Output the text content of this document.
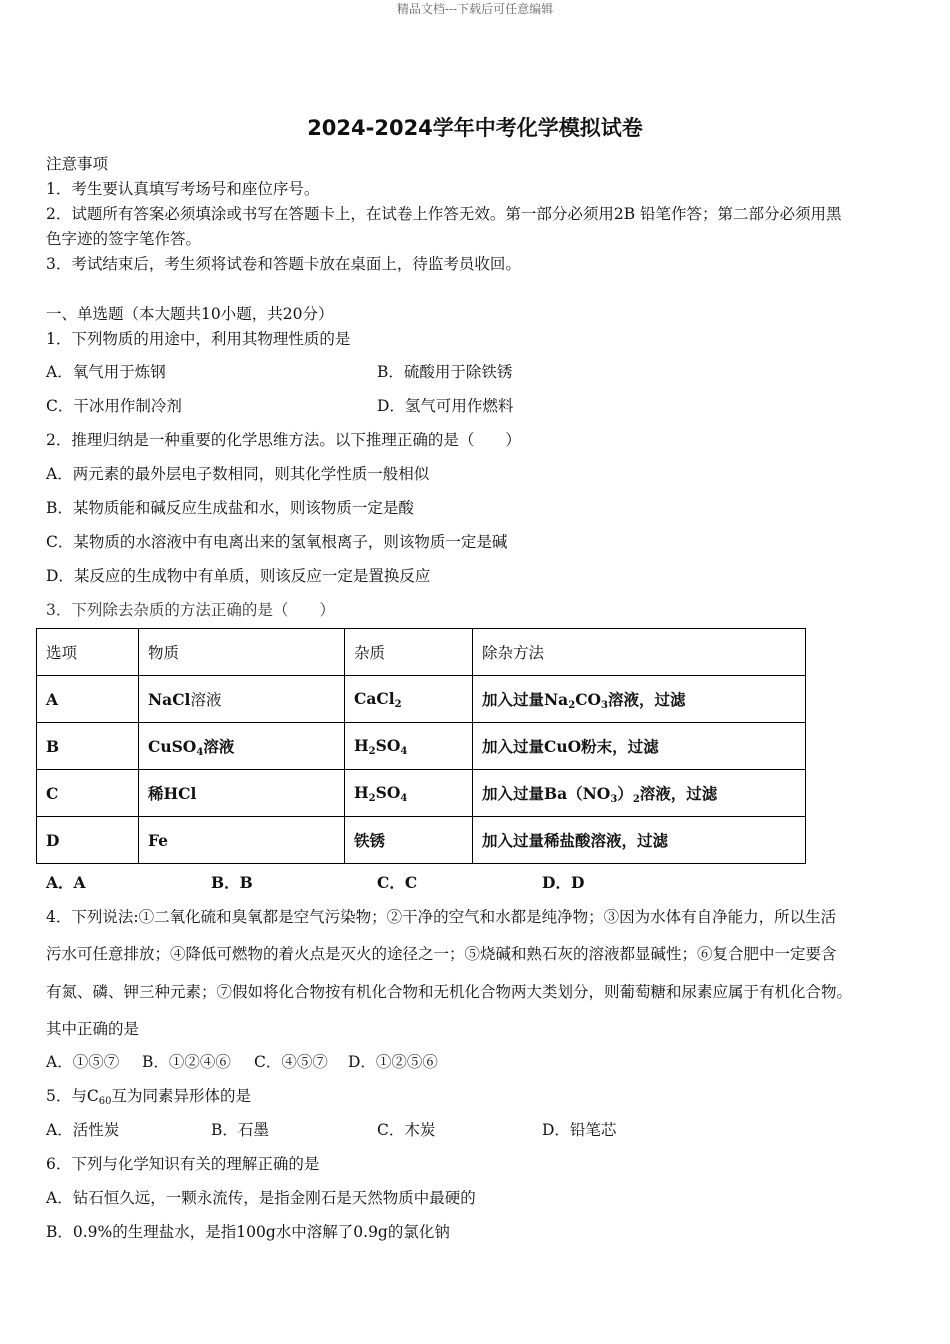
精品文档---下载后可任意编辑
2024-2024学年中考化学模拟试卷
注意事项
1．考生要认真填写考场号和座位序号。
2．试题所有答案必须填涂或书写在答题卡上，在试卷上作答无效。第一部分必须用2B 铅笔作答；第二部分必须用黑
色字迹的签字笔作答。
3．考试结束后，考生须将试卷和答题卡放在桌面上，待监考员收回。
一、单选题（本大题共10小题，共20分）
1．下列物质的用途中，利用其物理性质的是
A．氧气用于炼钢	B．硫酸用于除铁锈
C．干冰用作制冷剂	D．氢气可用作燃料
2．推理归纳是一种重要的化学思维方法。以下推理正确的是（　　）
A．两元素的最外层电子数相同，则其化学性质一般相似
B．某物质能和碱反应生成盐和水，则该物质一定是酸
C．某物质的水溶液中有电离出来的氢氧根离子，则该物质一定是碱
D．某反应的生成物中有单质，则该反应一定是置换反应
3．下列除去杂质的方法正确的是（　　）
选项	物质	杂质	除杂方法
A	NaCl溶液	CaCl$_2$	加入过量$Na_2CO_3$溶液，过滤
B	CuSO$_4$溶液	$H_2SO_4$	加入过量CuO粉末，过滤
C	稀HCl	$H_2SO_4$	加入过量$Ba(NO_3)_2$溶液，过滤
D	Fe	铁锈	加入过量稀盐酸溶液，过滤
A．A	B．B	C．C	D．D
4．下列说法:①二氧化硫和臭氧都是空气污染物；②干净的空气和水都是纯净物；③因为水体有自净能力，所以生活
污水可任意排放；④降低可燃物的着火点是灭火的途径之一；⑤烧碱和熟石灰的溶液都显碱性；⑥复合肥中一定要含
有氮、磷、钾三种元素；⑦假如将化合物按有机化合物和无机化合物两大类划分，则葡萄糖和尿素应属于有机化合物。
其中正确的是
A．①⑤⑦ B．①②④⑥ C．④⑤⑦ D．①②⑤⑥
5．与$C_{60}$互为同素异形体的是
A．活性炭	B．石墨	C．木炭	D．铅笔芯
6．下列与化学知识有关的理解正确的是
A．钻石恒久远，一颗永流传，是指金刚石是天然物质中最硬的
B．0.9%的生理盐水，是指100g水中溶解了0.9g的氯化钠
